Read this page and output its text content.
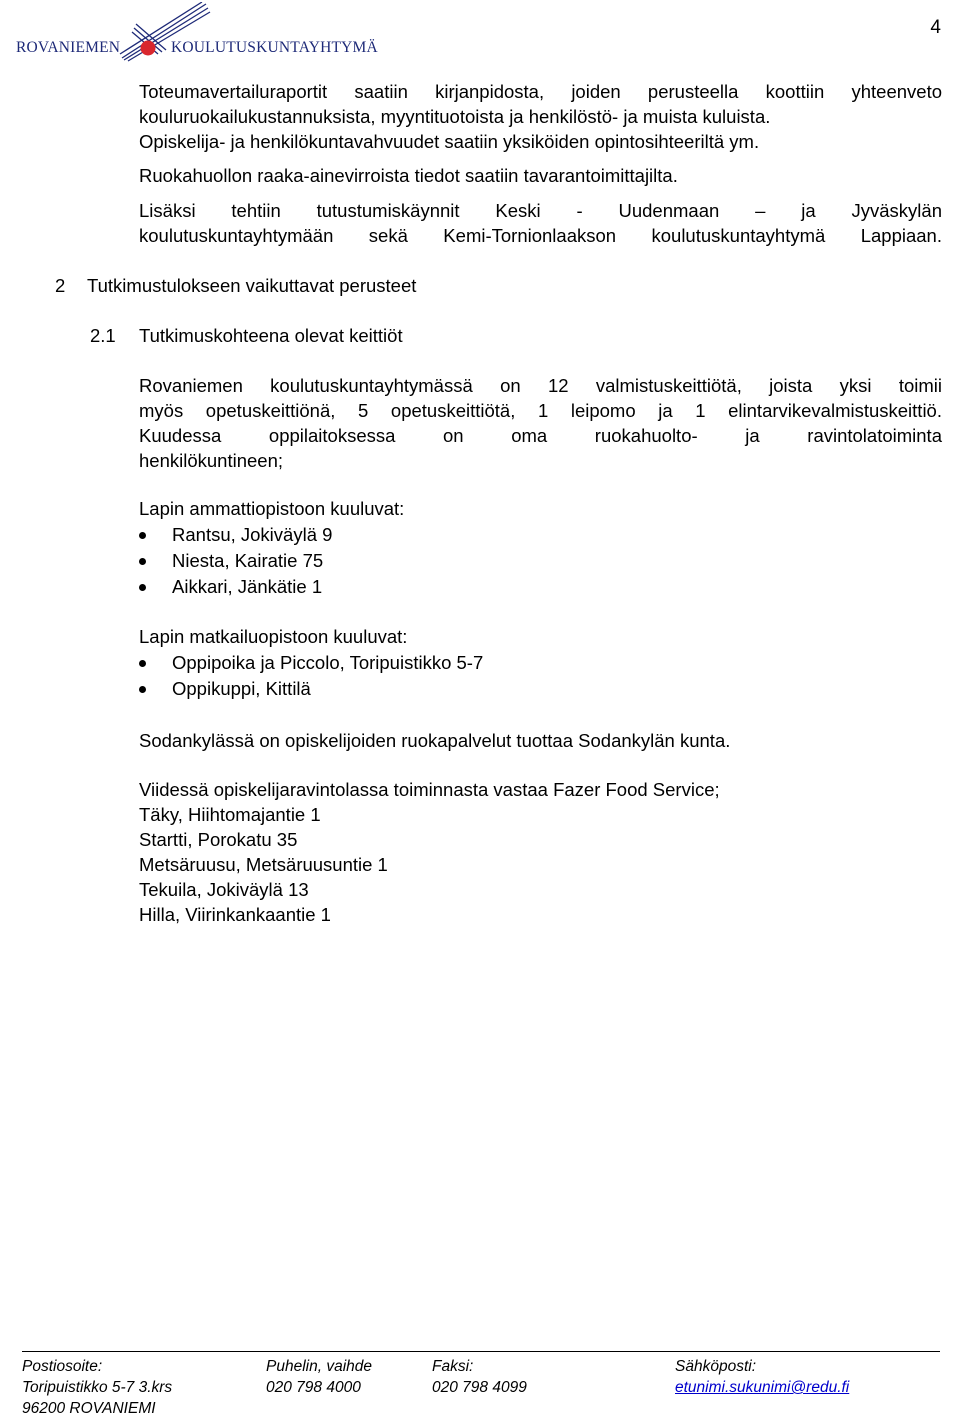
ROVANIEMEN	KOULUTUSKUNTAYHTYMÄ
4
Toteumavertailuraportit saatiin kirjanpidosta, joiden perusteella koottiin yhteenveto
kouluruokailukustannuksista, myyntituotoista ja henkilöstö- ja muista kuluista.
Opiskelija- ja henkilökuntavahvuudet saatiin yksiköiden opintosihteeriltä ym.
Ruokahuollon raaka-ainevirroista tiedot saatiin tavarantoimittajilta.
Lisäksi tehtiin tutustumiskäynnit Keski - Uudenmaan – ja Jyväskylän
koulutuskuntayhtymään sekä Kemi-Tornionlaakson koulutuskuntayhtymä Lappiaan.
2 Tutkimustulokseen vaikuttavat perusteet
2.1 Tutkimuskohteena olevat keittiöt
Rovaniemen koulutuskuntayhtymässä on 12 valmistuskeittiötä, joista yksi toimii
myös opetuskeittiönä, 5 opetuskeittiötä, 1 leipomo ja 1 elintarvikevalmistuskeittiö.
Kuudessa oppilaitoksessa on oma ruokahuolto- ja ravintolatoiminta
henkilökuntineen;
Lapin ammattiopistoon kuuluvat:
Rantsu, Jokiväylä 9
Niesta, Kairatie 75
Aikkari, Jänkätie 1
Lapin matkailuopistoon kuuluvat:
Oppipoika ja Piccolo, Toripuistikko 5-7
Oppikuppi, Kittilä
Sodankylässä on opiskelijoiden ruokapalvelut tuottaa Sodankylän kunta.
Viidessä opiskelijaravintolassa toiminnasta vastaa Fazer Food Service;
Täky, Hiihtomajantie 1
Startti, Porokatu 35
Metsäruusu, Metsäruusuntie 1
Tekuila, Jokiväylä 13
Hilla, Viirinkankaantie 1
Postiosoite:
Toripuistikko 5-7 3.krs
96200 ROVANIEMI
Puhelin, vaihde
020 798 4000
Faksi:
020 798 4099
Sähköposti:
etunimi.sukunimi@redu.fi
